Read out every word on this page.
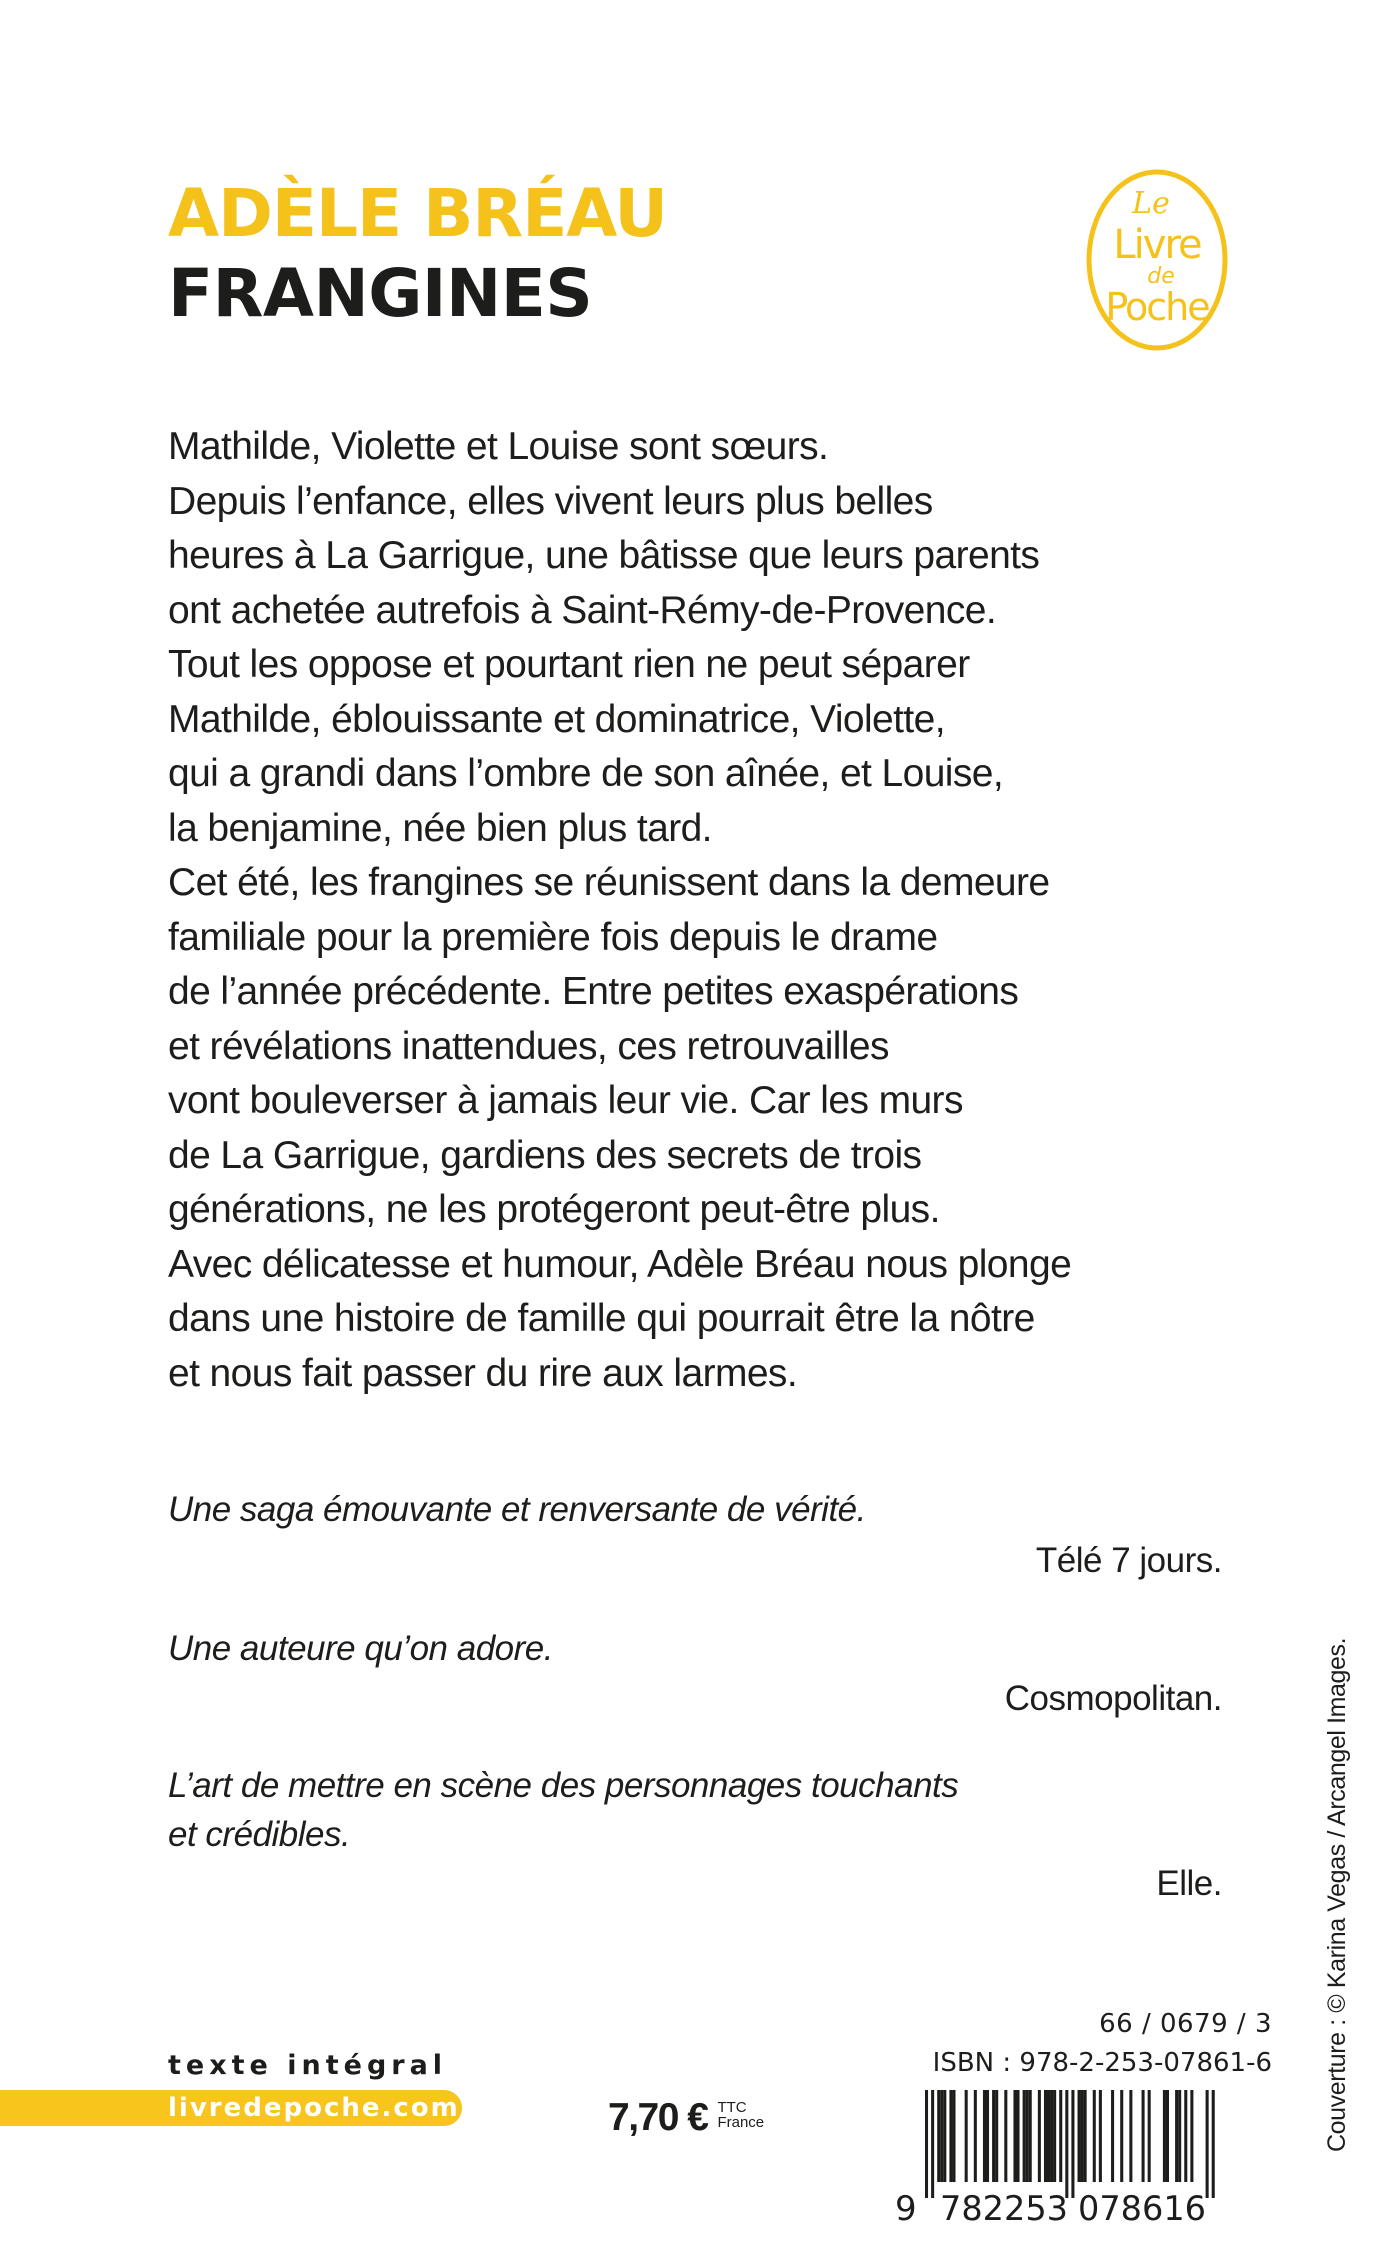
ADÈLE BRÉAU
FRANGINES
Le
Livre
de
Poche
Mathilde, Violette et Louise sont sœurs.
Depuis l’enfance, elles vivent leurs plus belles
heures à La Garrigue, une bâtisse que leurs parents
ont achetée autrefois à Saint-Rémy-de-Provence.
Tout les oppose et pourtant rien ne peut séparer
Mathilde, éblouissante et dominatrice, Violette,
qui a grandi dans l’ombre de son aînée, et Louise,
la benjamine, née bien plus tard.
Cet été, les frangines se réunissent dans la demeure
familiale pour la première fois depuis le drame
de l’année précédente. Entre petites exaspérations
et révélations inattendues, ces retrouvailles
vont bouleverser à jamais leur vie. Car les murs
de La Garrigue, gardiens des secrets de trois
générations, ne les protégeront peut-être plus.
Avec délicatesse et humour, Adèle Bréau nous plonge
dans une histoire de famille qui pourrait être la nôtre
et nous fait passer du rire aux larmes.
Une saga émouvante et renversante de vérité.
Télé 7 jours.
Une auteure qu’on adore.
Cosmopolitan.
L’art de mettre en scène des personnages touchants
et crédibles.
Elle.	Couverture : © Karina Vegas / Arcangel Images.
texte intégral
livredepoche.com	7,70 € TTC
France
66 / 0679 / 3
ISBN : 978-2-253-07861-6
9 782253 078616
